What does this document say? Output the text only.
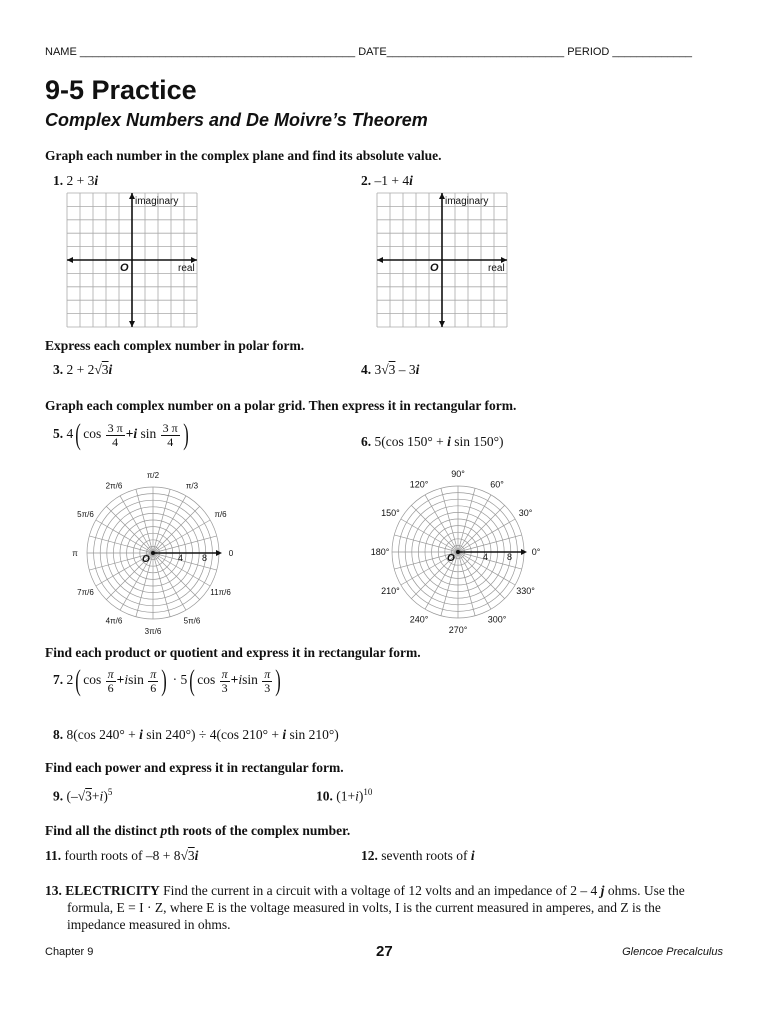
NAME _____________________________________________ DATE_____________________________ PERIOD _____________
9-5 Practice
Complex Numbers and De Moivre’s Theorem
Graph each number in the complex plane and find its absolute value.
1. 2 + 3i	2. –1 + 4i
imaginary
real
O
imaginary
real
O
Express each complex number in polar form.
3. 2 + 2√3i	4. 3√3 – 3i
Graph each complex number on a polar grid. Then express it in rectangular form.
5. 4( $\cos \frac{3 \pi}{4} +i$ $\sin \frac{3 \pi}{4}$ )	6. 5(cos 150° + i sin 150°)
0
π/6
π/3
π/2
2π/6
5π/6
π
7π/6
4π/6
3π/6
5π/6
11π/6
4 8
O
0°
30°
60°
90°
120°
150°
180°
210°
240°
270°
300°
330°
4 8
O
Find each product or quotient and express it in rectangular form.
7. 2( $\cos \frac{\pi}{6} +isin \frac{\pi}{6}$ ) · 5( $\cos \frac{\pi}{3} +isin \frac{\pi}{3}$ )
8. 8(cos 240° + i sin 240°) ÷ 4(cos 210° + i sin 210°)
Find each power and express it in rectangular form.
9. $(-√3+i)^5$	10. $(1+i)^{10}$
Find all the distinct pth roots of the complex number.
11. fourth roots of –8 + 8√3i	12. seventh roots of i
13. ELECTRICITY Find the current in a circuit with a voltage of 12 volts and an impedance of 2 – 4 j ohms. Use the
formula, E = I · Z, where E is the voltage measured in volts, I is the current measured in amperes, and Z is the
impedance measured in ohms.
Chapter 9	27	Glencoe Precalculus
